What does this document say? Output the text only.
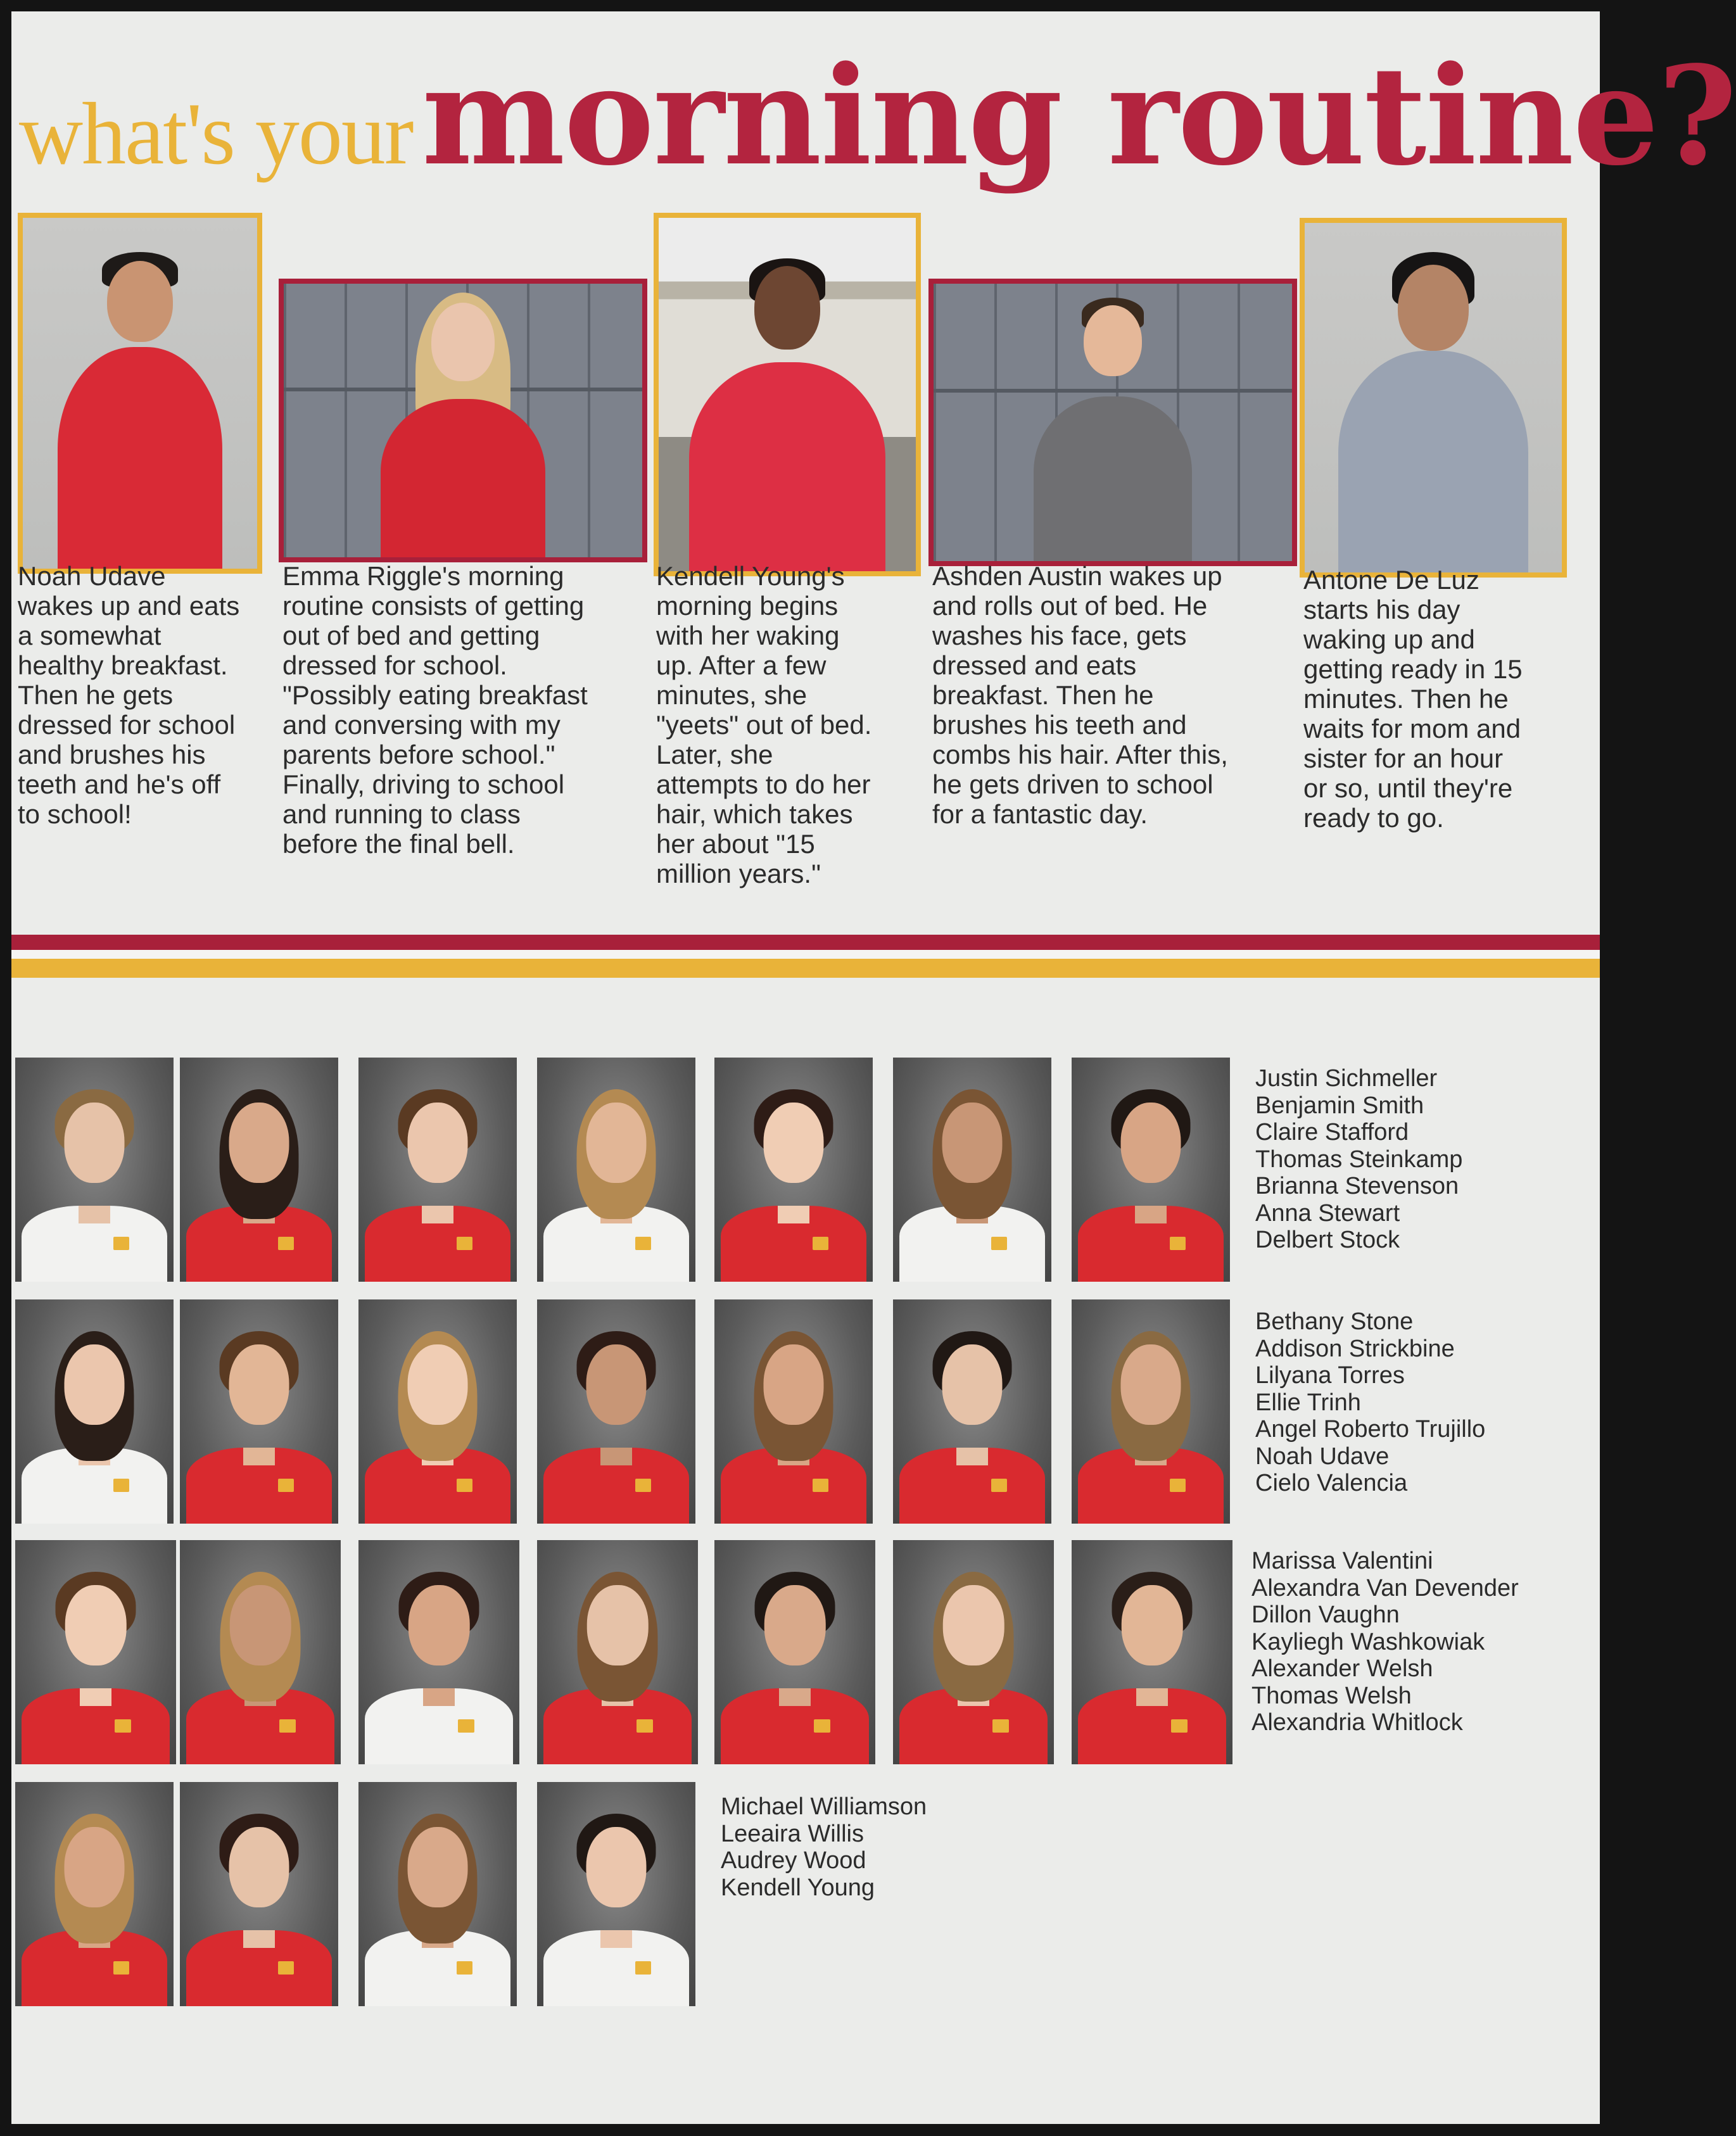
what's your morning routine?

Noah Udave
wakes up and eats
a somewhat
healthy breakfast.
Then he gets
dressed for school
and brushes his
teeth and he's off
to school!

Emma Riggle's morning
routine consists of getting
out of bed and getting
dressed for school.
"Possibly eating breakfast
and conversing with my
parents before school."
Finally, driving to school
and running to class
before the final bell.

Kendell Young's
morning begins
with her waking
up. After a few
minutes, she
"yeets" out of bed.
Later, she
attempts to do her
hair, which takes
her about "15
million years."

Ashden Austin wakes up
and rolls out of bed. He
washes his face, gets
dressed and eats
breakfast. Then he
brushes his teeth and
combs his hair. After this,
he gets driven to school
for a fantastic day.

Antone De Luz
starts his day
waking up and
getting ready in 15
minutes. Then he
waits for mom and
sister for an hour
or so, until they're
ready to go.

Justin Sichmeller
Benjamin Smith
Claire Stafford
Thomas Steinkamp
Brianna Stevenson
Anna Stewart
Delbert Stock
Bethany Stone
Addison Strickbine
Lilyana Torres
Ellie Trinh
Angel Roberto Trujillo
Noah Udave
Cielo Valencia
Marissa Valentini
Alexandra Van Devender
Dillon Vaughn
Kayliegh Washkowiak
Alexander Welsh
Thomas Welsh
Alexandria Whitlock
Michael Williamson
Leeaira Willis
Audrey Wood
Kendell Young
